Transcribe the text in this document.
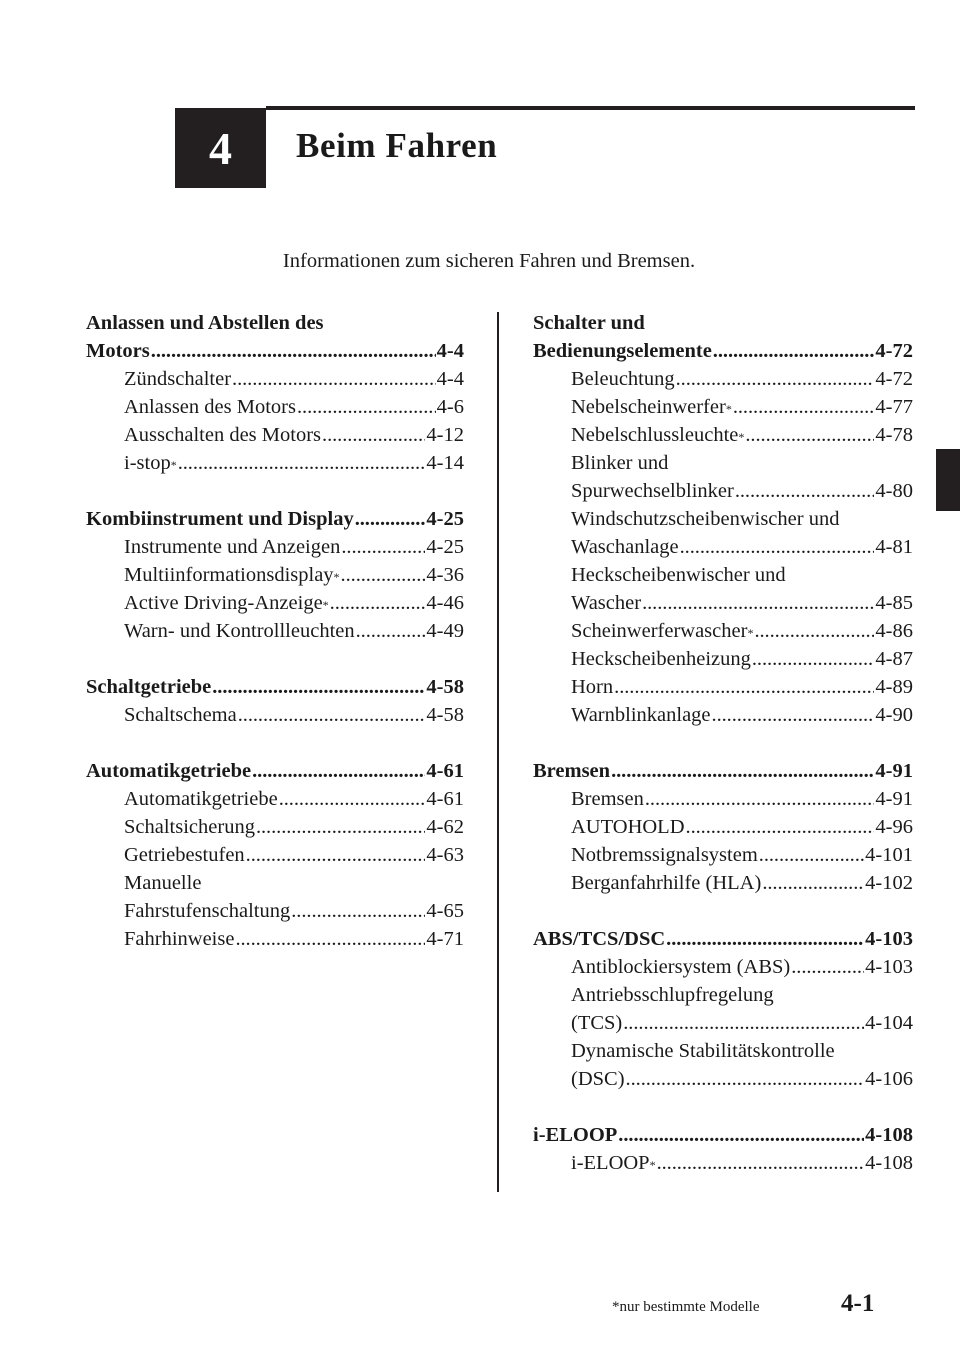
4 Beim Fahren
Informationen zum sicheren Fahren und Bremsen.
Anlassen und Abstellen des
Motors . . .	4-4
Zündschalter . . .	4-4
Anlassen des Motors . . .	4-6
Ausschalten des Motors . . .	4-12
i-stop * . . .	4-14
Kombiinstrument und Display . . .	4-25
Instrumente und Anzeigen . . .	4-25
Multiinformationsdisplay * . . .	4-36
Active Driving-Anzeige * . . .	4-46
Warn- und Kontrollleuchten . . .	4-49
Schaltgetriebe . . .	4-58
Schaltschema . . .	4-58
Automatikgetriebe . . .	4-61
Automatikgetriebe . . .	4-61
Schaltsicherung . . .	4-62
Getriebestufen . . .	4-63
Manuelle
Fahrstufenschaltung . . .	4-65
Fahrhinweise . . .	4-71
Schalter und
Bedienungselemente . . .	4-72
Beleuchtung . . .	4-72
Nebelscheinwerfer * . . .	4-77
Nebelschlussleuchte * . . .	4-78
Blinker und
Spurwechselblinker . . .	4-80
Windschutzscheibenwischer und
Waschanlage . . .	4-81
Heckscheibenwischer und
Wascher . . .	4-85
Scheinwerferwascher * . . .	4-86
Heckscheibenheizung . . .	4-87
Horn . . .	4-89
Warnblinkanlage . . .	4-90
Bremsen . . .	4-91
Bremsen . . .	4-91
AUTOHOLD . . .	4-96
Notbremssignalsystem . . .	4-101
Berganfahrhilfe (HLA) . . .	4-102
ABS/TCS/DSC . . .	4-103
Antiblockiersystem (ABS) . . .	4-103
Antriebsschlupfregelung
(TCS) . . .	4-104
Dynamische Stabilitätskontrolle
(DSC) . . .	4-106
i-ELOOP . . .	4-108
i-ELOOP * . . .	4-108
*nur bestimmte Modelle	4-1
